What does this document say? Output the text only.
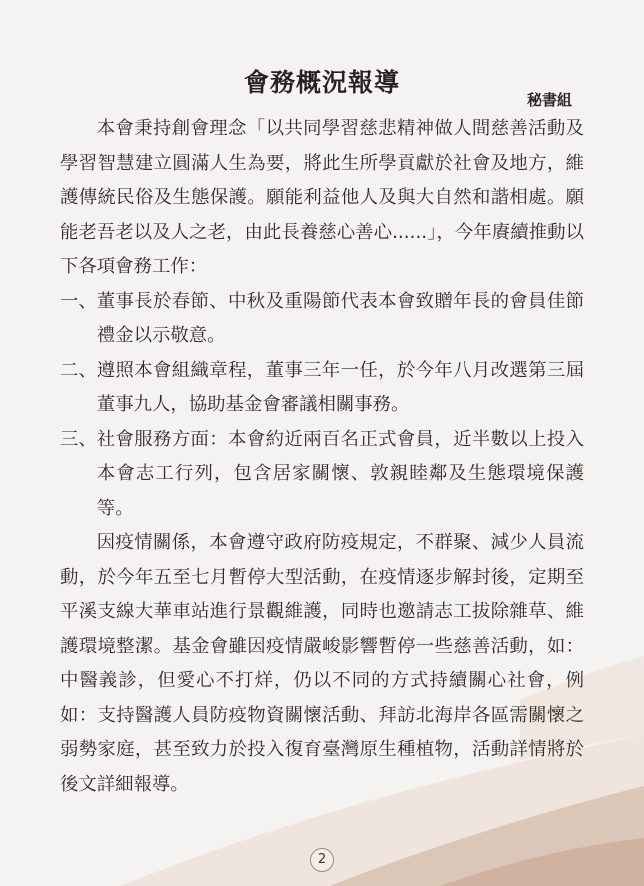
會務概況報導
秘書組

本會秉持創會理念「以共同學習慈悲精神做人間慈善活動及學習智慧建立圓滿人生為要，將此生所學貢獻於社會及地方，維護傳統民俗及生態保護。願能利益他人及與大自然和諧相處。願能老吾老以及人之老，由此長養慈心善心......」，今年賡續推動以下各項會務工作：

一、 董事長於春節、中秋及重陽節代表本會致贈年長的會員佳節禮金以示敬意。
二、 遵照本會組織章程，董事三年一任，於今年八月改選第三屆董事九人，協助基金會審議相關事務。
三、 社會服務方面：本會約近兩百名正式會員，近半數以上投入本會志工行列，包含居家關懷、敦親睦鄰及生態環境保護等。

因疫情關係，本會遵守政府防疫規定，不群聚、減少人員流動，於今年五至七月暫停大型活動，在疫情逐步解封後，定期至平溪支線大華車站進行景觀維護，同時也邀請志工拔除雜草、維護環境整潔。基金會雖因疫情嚴峻影響暫停一些慈善活動，如：中醫義診，但愛心不打烊，仍以不同的方式持續關心社會，例如：支持醫護人員防疫物資關懷活動、拜訪北海岸各區需關懷之弱勢家庭，甚至致力於投入復育臺灣原生種植物，活動詳情將於後文詳細報導。

2
